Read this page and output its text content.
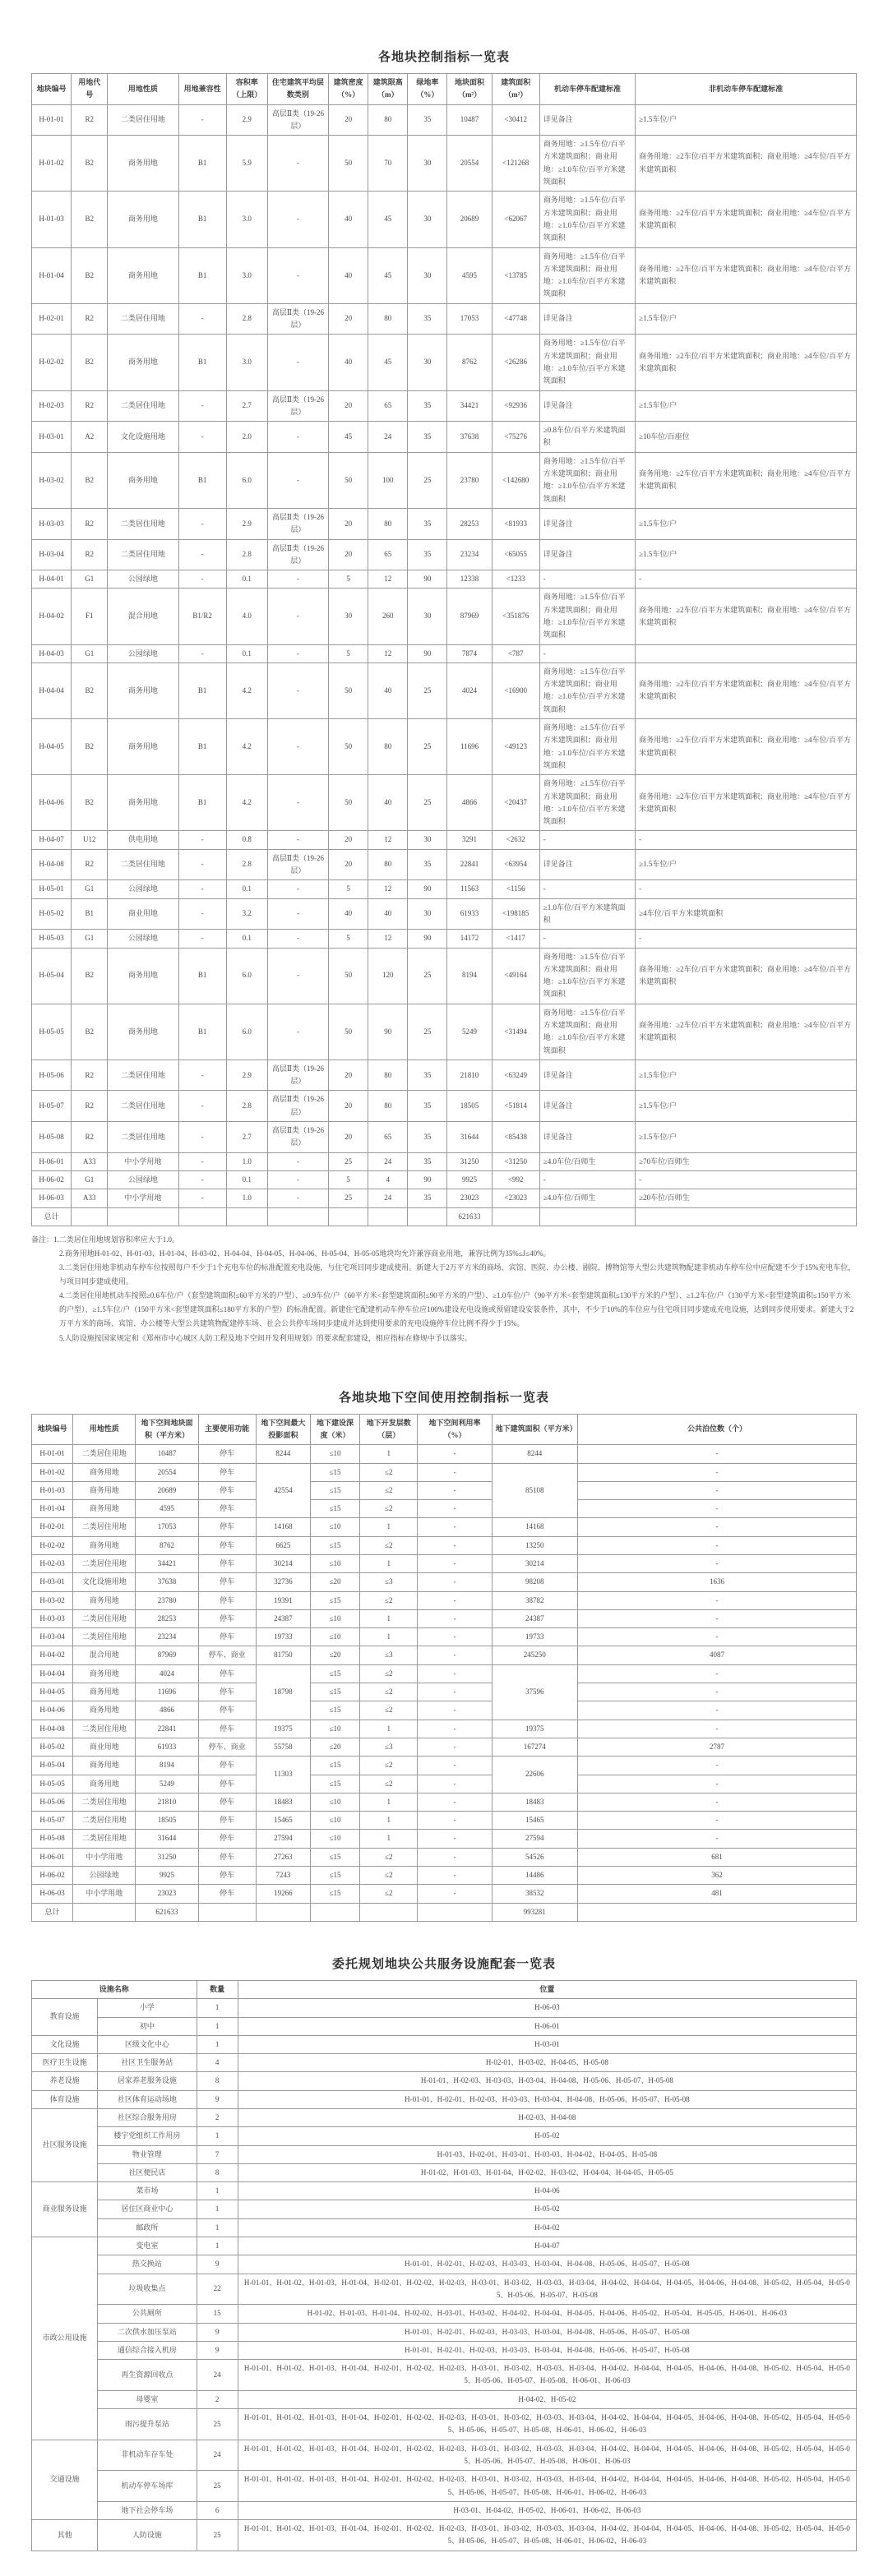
各地块控制指标一览表
地块编号	用地代号	用地性质	用地兼容性	容积率（上限）	住宅建筑平均层数类别	建筑密度（%）	建筑限高（m）	绿地率（%）	地块面积（m²）	建筑面积（m²）	机动车停车配建标准	非机动车停车配建标准
H-01-01	R2	二类居住用地	-	2.9	高层Ⅱ类（19-26层）	20	80	35	10487	<30412	详见备注	≥1.5车位/户
H-01-02	B2	商务用地	B1	5.9	-	50	70	30	20554	<121268	商务用地：≥1.5车位/百平方米建筑面积；商业用地：≥1.0车位/百平方米建筑面积	商务用地：≥2车位/百平方米建筑面积；商业用地：≥4车位/百平方米建筑面积
H-01-03	B2	商务用地	B1	3.0	-	40	45	30	20689	<62067	商务用地：≥1.5车位/百平方米建筑面积；商业用地：≥1.0车位/百平方米建筑面积	商务用地：≥2车位/百平方米建筑面积；商业用地：≥4车位/百平方米建筑面积
H-01-04	B2	商务用地	B1	3.0	-	40	45	30	4595	<13785	商务用地：≥1.5车位/百平方米建筑面积；商业用地：≥1.0车位/百平方米建筑面积	商务用地：≥2车位/百平方米建筑面积；商业用地：≥4车位/百平方米建筑面积
H-02-01	R2	二类居住用地	-	2.8	高层Ⅱ类（19-26层）	20	80	35	17053	<47748	详见备注	≥1.5车位/户
H-02-02	B2	商务用地	B1	3.0	-	40	45	30	8762	<26286	商务用地：≥1.5车位/百平方米建筑面积；商业用地：≥1.0车位/百平方米建筑面积	商务用地：≥2车位/百平方米建筑面积；商业用地：≥4车位/百平方米建筑面积
H-02-03	R2	二类居住用地	-	2.7	高层Ⅱ类（19-26层）	20	65	35	34421	<92936	详见备注	≥1.5车位/户
H-03-01	A2	文化设施用地	-	2.0	-	45	24	35	37638	<75276	≥0.8车位/百平方米建筑面积	≥10车位/百座位
H-03-02	B2	商务用地	B1	6.0	-	50	100	25	23780	<142680	商务用地：≥1.5车位/百平方米建筑面积；商业用地：≥1.0车位/百平方米建筑面积	商务用地：≥2车位/百平方米建筑面积；商业用地：≥4车位/百平方米建筑面积
H-03-03	R2	二类居住用地	-	2.9	高层Ⅱ类（19-26层）	20	80	35	28253	<81933	详见备注	≥1.5车位/户
H-03-04	R2	二类居住用地	-	2.8	高层Ⅱ类（19-26层）	20	65	35	23234	<65055	详见备注	≥1.5车位/户
H-04-01	G1	公园绿地	-	0.1	-	5	12	90	12338	<1233	-	-
H-04-02	F1	混合用地	B1/R2	4.0	-	30	260	30	87969	<351876	商务用地：≥1.5车位/百平方米建筑面积；商业用地：≥1.0车位/百平方米建筑面积	商务用地：≥2车位/百平方米建筑面积；商业用地：≥4车位/百平方米建筑面积
H-04-03	G1	公园绿地	-	0.1	-	5	12	90	7874	<787	-	
H-04-04	B2	商务用地	B1	4.2	-	50	40	25	4024	<16900	商务用地：≥1.5车位/百平方米建筑面积；商业用地：≥1.0车位/百平方米建筑面积	商务用地：≥2车位/百平方米建筑面积；商业用地：≥4车位/百平方米建筑面积
H-04-05	B2	商务用地	B1	4.2	-	50	80	25	11696	<49123	商务用地：≥1.5车位/百平方米建筑面积；商业用地：≥1.0车位/百平方米建筑面积	商务用地：≥2车位/百平方米建筑面积；商业用地：≥4车位/百平方米建筑面积
H-04-06	B2	商务用地	B1	4.2	-	50	40	25	4866	<20437	商务用地：≥1.5车位/百平方米建筑面积；商业用地：≥1.0车位/百平方米建筑面积	商务用地：≥2车位/百平方米建筑面积；商业用地：≥4车位/百平方米建筑面积
H-04-07	U12	供电用地	-	0.8	-	20	12	30	3291	<2632	-	-
H-04-08	R2	二类居住用地	-	2.8	高层Ⅱ类（19-26层）	20	80	35	22841	<63954	详见备注	≥1.5车位/户
H-05-01	G1	公园绿地	-	0.1	-	5	12	90	11563	<1156	-	-
H-05-02	B1	商业用地	-	3.2	-	40	40	30	61933	<198185	≥1.0车位/百平方米建筑面积	≥4车位/百平方米建筑面积
H-05-03	G1	公园绿地	-	0.1	-	5	12	90	14172	<1417	-	-
H-05-04	B2	商务用地	B1	6.0	-	50	120	25	8194	<49164	商务用地：≥1.5车位/百平方米建筑面积；商业用地：≥1.0车位/百平方米建筑面积	商务用地：≥2车位/百平方米建筑面积；商业用地：≥4车位/百平方米建筑面积
H-05-05	B2	商务用地	B1	6.0	-	50	90	25	5249	<31494	商务用地：≥1.5车位/百平方米建筑面积；商业用地：≥1.0车位/百平方米建筑面积	商务用地：≥2车位/百平方米建筑面积；商业用地：≥4车位/百平方米建筑面积
H-05-06	R2	二类居住用地	-	2.9	高层Ⅱ类（19-26层）	20	80	35	21810	<63249	详见备注	≥1.5车位/户
H-05-07	R2	二类居住用地	-	2.8	高层Ⅱ类（19-26层）	20	80	35	18505	<51814	详见备注	≥1.5车位/户
H-05-08	R2	二类居住用地	-	2.7	高层Ⅱ类（19-26层）	20	65	35	31644	<85438	详见备注	≥1.5车位/户
H-06-01	A33	中小学用地	-	1.0	-	25	24	35	31250	<31250	≥4.0车位/百师生	≥70车位/百师生
H-06-02	G1	公园绿地	-	0.1	-	5	4	90	9925	<992	-	-
H-06-03	A33	中小学用地	-	1.0	-	25	24	35	23023	<23023	≥4.0车位/百师生	≥20车位/百师生
总计									621633			

备注：1.二类居住用地规划容积率应大于1.0。

2.商务用地H-01-02、H-01-03、H-01-04、H-03-02、H-04-04、H-04-05、H-04-06、H-05-04、H-05-05地块均允许兼容商业用地，兼容比例为35%≤J≤40%。

3.二类居住用地非机动车停车位按照每户不少于1个充电车位的标准配置充电设施，与住宅项目同步建成使用。新建大于2万平方米的商场、宾馆、医院、办公楼、剧院、博物馆等大型公共建筑物配建非机动车停车位中应配建不少于15%充电车位，与项目同步建成使用。

4.二类居住用地机动车按照≥0.6车位/户（套型建筑面积≤60平方米的户型）、≥0.9车位/户（60平方米<套型建筑面积≤90平方米的户型）、≥1.0车位/户（90平方米<套型建筑面积≤130平方米的户型）、≥1.2车位/户（130平方米<套型建筑面积≤150平方米的户型）、≥1.5车位/户（150平方米<套型建筑面积≤180平方米的户型）的标准配置。新建住宅配建机动车停车位应100%建设充电设施或预留建设安装条件，其中，不少于10%的车位应与住宅项目同步建成充电设施，达到同步使用要求。新建大于2万平方米的商场、宾馆、办公楼等大型公共建筑物配建停车场、社会公共停车场同步建成并达到使用要求的充电设施停车位比例不得少于15%。

5.人防设施按国家规定和《郑州市中心城区人防工程及地下空间开发利用规划》的要求配套建设，相应指标在修规中予以落实。

各地块地下空间使用控制指标一览表
地块编号	用地性质	地下空间地块面积（平方米）	主要使用功能	地下空间最大投影面积	地下建设深度（米）	地下开发层数（层）	地下空间利用率（%）	地下建筑面积（平方米）	公共泊位数（个）
H-01-01	二类居住用地	10487	停车	8244	≤10	1	-	8244	-
H-01-02	商务用地	20554	停车	42554	≤15	≤2	-	85108	-
H-01-03	商务用地	20689	停车		≤15	≤2	-		-
H-01-04	商务用地	4595	停车		≤15	≤2	-		-
H-02-01	二类居住用地	17053	停车	14168	≤10	1	-	14168	-
H-02-02	商务用地	8762	停车	6625	≤15	≤2	-	13250	-
H-02-03	二类居住用地	34421	停车	30214	≤10	1	-	30214	-
H-03-01	文化设施用地	37638	停车	32736	≤20	≤3	-	98208	1636
H-03-02	商务用地	23780	停车	19391	≤15	≤2	-	38782	-
H-03-03	二类居住用地	28253	停车	24387	≤10	1	-	24387	-
H-03-04	二类居住用地	23234	停车	19733	≤10	1	-	19733	-
H-04-02	混合用地	87969	停车、商业	81750	≤20	≤3	-	245250	4087
H-04-04	商务用地	4024	停车	18798	≤15	≤2	-	37596	-
H-04-05	商务用地	11696	停车		≤15	≤2	-		-
H-04-06	商务用地	4866	停车		≤15	≤2	-		-
H-04-08	二类居住用地	22841	停车	19375	≤10	1	-	19375	-
H-05-02	商业用地	61933	停车、商业	55758	≤20	≤3	-	167274	2787
H-05-04	商务用地	8194	停车	11303	≤15	≤2	-	22606	-
H-05-05	商务用地	5249	停车		≤15	≤2	-		-
H-05-06	二类居住用地	21810	停车	18483	≤10	1	-	18483	-
H-05-07	二类居住用地	18505	停车	15465	≤10	1	-	15465	-
H-05-08	二类居住用地	31644	停车	27594	≤10	1	-	27594	-
H-06-01	中小学用地	31250	停车	27263	≤15	≤2	-	54526	681
H-06-02	公园绿地	9925	停车	7243	≤15	≤2	-	14486	362
H-06-03	中小学用地	23023	停车	19266	≤15	≤2	-	38532	481
总计		621633						993281	
委托规划地块公共服务设施配套一览表
设施名称		数量	位置
教育设施	小学	1	H-06-03
	初中	1	H-06-01
文化设施	区级文化中心	1	H-03-01
医疗卫生设施	社区卫生服务站	4	H-02-01、H-03-02、H-04-05、H-05-08
养老设施	居家养老服务设施	8	H-01-01、H-02-03、H-03-03、H-03-04、H-04-08、H-05-06、H-05-07、H-05-08
体育设施	社区体育运动场地	9	H-01-01、H-02-01、H-02-03、H-03-03、H-03-04、H-04-08、H-05-06、H-05-07、H-05-08
社区服务设施	社区综合服务用房	2	H-02-03、H-04-08
	楼宇党组织工作用房	1	H-05-02
	物业管理	7	H-01-03、H-02-01、H-03-01、H-03-03、H-04-02、H-04-05、H-05-08
	社区便民店	8	H-01-02、H-01-03、H-01-04、H-02-02、H-03-02、H-04-04、H-04-05、H-05-05
商业服务设施	菜市场	1	H-04-06
	居住区商业中心	1	H-05-02
	邮政所	1	H-04-02
市政公用设施	变电室	1	H-04-07
	热交换站	9	H-01-01、H-02-01、H-02-03、H-03-03、H-03-04、H-04-08、H-05-06、H-05-07、H-05-08
	垃圾收集点	22	H-01-01、H-01-02、H-01-03、H-01-04、H-02-01、H-02-02、H-02-03、H-03-01、H-03-02、H-03-03、H-03-04、H-04-02、H-04-04、H-04-05、H-04-06、H-04-08、H-05-02、H-05-04、H-05-05、H-05-06、H-05-07、H-05-08
	公共厕所	15	H-01-02、H-01-03、H-01-04、H-02-02、H-03-01、H-03-02、H-04-02、H-04-04、H-04-05、H-04-06、H-05-02、H-05-04、H-05-05、H-06-01、H-06-03
	二次供水加压泵站	9	H-01-01、H-02-01、H-02-03、H-03-03、H-03-04、H-04-08、H-05-06、H-05-07、H-05-08
	通信综合接入机房	9	H-01-01、H-02-01、H-02-03、H-03-03、H-03-04、H-04-08、H-05-06、H-05-07、H-05-08
	再生资源回收点	24	H-01-01、H-01-02、H-01-03、H-01-04、H-02-01、H-02-02、H-02-03、H-03-01、H-03-02、H-03-03、H-03-04、H-04-02、H-04-04、H-04-05、H-04-06、H-04-08、H-05-02、H-05-04、H-05-05、H-05-06、H-05-07、H-05-08、H-06-01、H-06-03
	母婴室	2	H-04-02、H-05-02
	雨污提升泵站	25	H-01-01、H-01-02、H-01-03、H-01-04、H-02-01、H-02-02、H-02-03、H-03-01、H-03-02、H-03-03、H-03-04、H-04-02、H-04-04、H-04-05、H-04-06、H-04-08、H-05-02、H-05-04、H-05-05、H-05-06、H-05-07、H-05-08、H-06-01、H-06-02、H-06-03
交通设施	非机动车存车处	24	H-01-01、H-01-02、H-01-03、H-01-04、H-02-01、H-02-02、H-02-03、H-03-01、H-03-02、H-03-03、H-03-04、H-04-02、H-04-04、H-04-05、H-04-06、H-04-08、H-05-02、H-05-04、H-05-05、H-05-06、H-05-07、H-05-08、H-06-01、H-06-03
	机动车停车场库	25	H-01-01、H-01-02、H-01-03、H-01-04、H-02-01、H-02-02、H-02-03、H-03-01、H-03-02、H-03-03、H-03-04、H-04-02、H-04-04、H-04-05、H-04-06、H-04-08、H-05-02、H-05-04、H-05-05、H-05-06、H-05-07、H-05-08、H-06-01、H-06-02、H-06-03
	地下社会停车场	6	H-03-01、H-04-02、H-05-02、H-06-01、H-06-02、H-06-03
其他	人防设施	25	H-01-01、H-01-02、H-01-03、H-01-04、H-02-01、H-02-02、H-02-03、H-03-01、H-03-02、H-03-03、H-03-04、H-04-02、H-04-04、H-04-05、H-04-06、H-04-08、H-05-02、H-05-04、H-05-05、H-05-06、H-05-07、H-05-08、H-06-01、H-06-02、H-06-03
